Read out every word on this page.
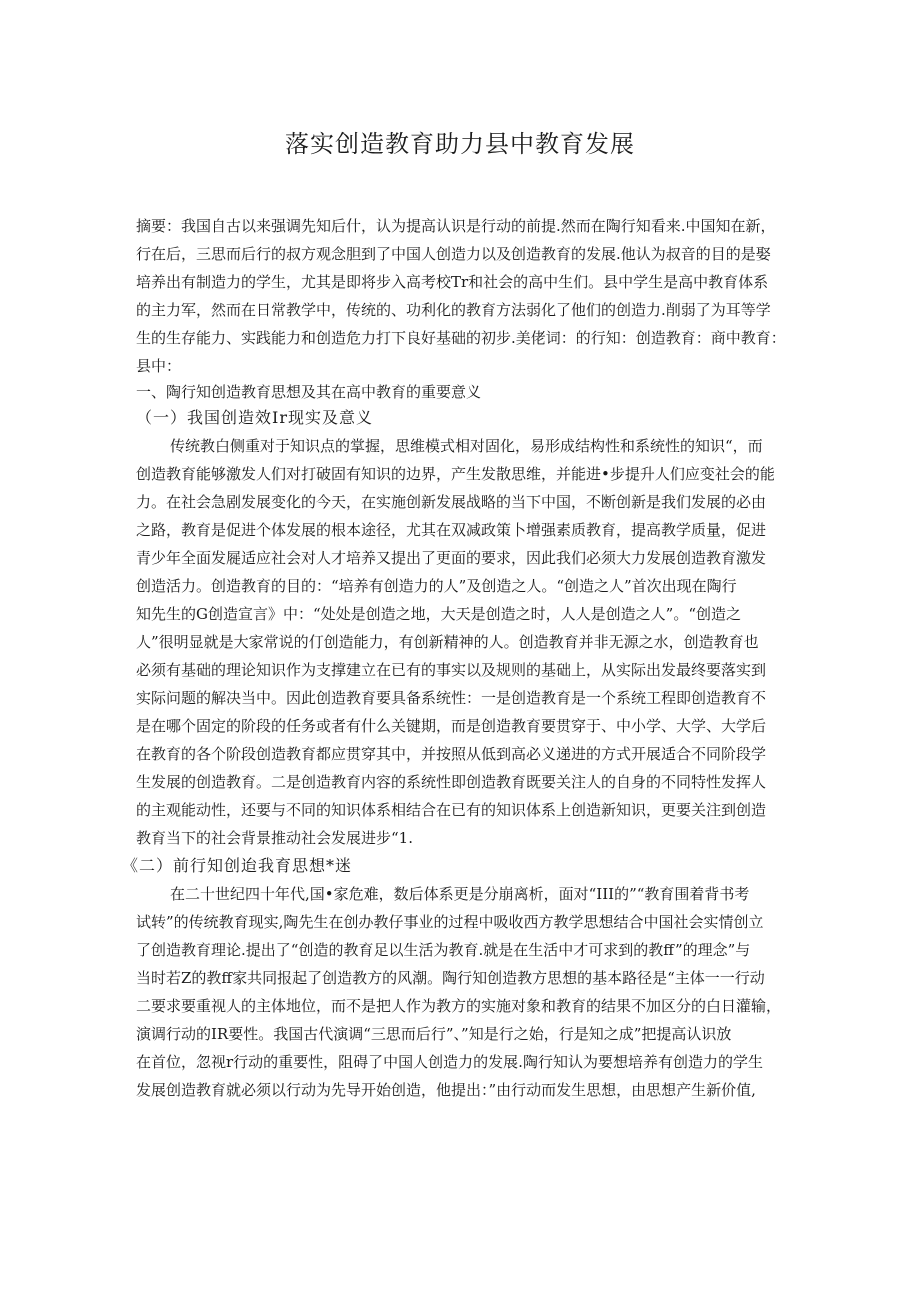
落实创造教育助力县中教育发展
摘要：我国自古以来强调先知后什，认为提高认识是行动的前提.然而在陶行知看来.中国知在新，
行在后，三思而后行的叔方观念胆到了中国人创造力以及创造教育的发展.他认为叔音的目的是娶
培养出有制造力的学生，尤其是即将步入高考校Tr和社会的高中生们。县中学生是高中教育体系
的主力军，然而在日常教学中，传统的、功利化的教育方法弱化了他们的创造力.削弱了为耳等学
生的生存能力、实践能力和创造危力打下良好基础的初步.美佬词：的行知：创造教育：商中教育：
县中：
一、陶行知创造教育思想及其在高中教育的重要意义
（一）我国创造效Ir现实及意义
传统教白侧重对于知识点的掌握，思维模式相对固化，易形成结构性和系统性的知识“，而
创造教育能够激发人们对打破固有知识的边界，产生发散思维，并能进•步提升人们应变社会的能
力。在社会急剧发展变化的今天，在实施创新发展战略的当下中国，不断创新是我们发展的必由
之路，教育是促进个体发展的根本途径，尤其在双减政策卜增强素质教育，提高教学质量，促进
青少年全面发屣适应社会对人才培养又提出了更面的要求，因此我们必须大力发展创造教育激发
创造活力。创造教育的目的：“培养有创造力的人”及创造之人。“创造之人”首次出现在陶行
知先生的G创造宣言》中：“处处是创造之地，大天是创造之时，人人是创造之人”。“创造之
人”很明显就是大家常说的仃创造能力，有创新精神的人。创造教育并非无源之水，创造教育也
必须有基础的理论知识作为支撑建立在已有的事实以及规则的基础上，从实际出发最终要落实到
实际问题的解决当中。因此创造教育要具备系统性：一是创造教育是一个系统工程即创造教育不
是在哪个固定的阶段的任务或者有什么关键期，而是创造教育要贯穿于、中小学、大学、大学后
在教育的各个阶段创造教育都应贯穿其中，并按照从低到高必义递进的方式开展适合不同阶段学
生发展的创造教育。二是创造教育内容的系统性即创造教育既要关注人的自身的不同特性发挥人
的主观能动性，还要与不同的知识体系相结合在已有的知识体系上创造新知识，更要关注到创造
教育当下的社会背景推动社会发展进步“1.
《二）前行知创迨我育思想*迷
在二十世纪四十年代,国•家危难，数后体系更是分崩离析，面对“III的”“教育围着背书考
试转”的传统教育现实,陶先生在创办教仔事业的过程中吸收西方教学思想结合中国社会实情创立
了创造教育理论.提出了“创造的教育足以生活为教育.就是在生活中才可求到的教ff”的理念”与
当时若Z的教ff家共同报起了创造教方的风潮。陶行知创造教方思想的基本路径是“主体一一行动
二要求要重视人的主体地位，而不是把人作为教方的实施对象和教育的结果不加区分的白日灌输，
演调行动的IR要性。我国古代演调“三思而后行”、”知是行之始，行是知之成”把提高认识放
在首位，忽视r行动的重要性，阻碍了中国人创造力的发展.陶行知认为要想培养有创造力的学生
发展创造教育就必须以行动为先导开始创造，他提出：”由行动而发生思想，由思想产生新价值,
